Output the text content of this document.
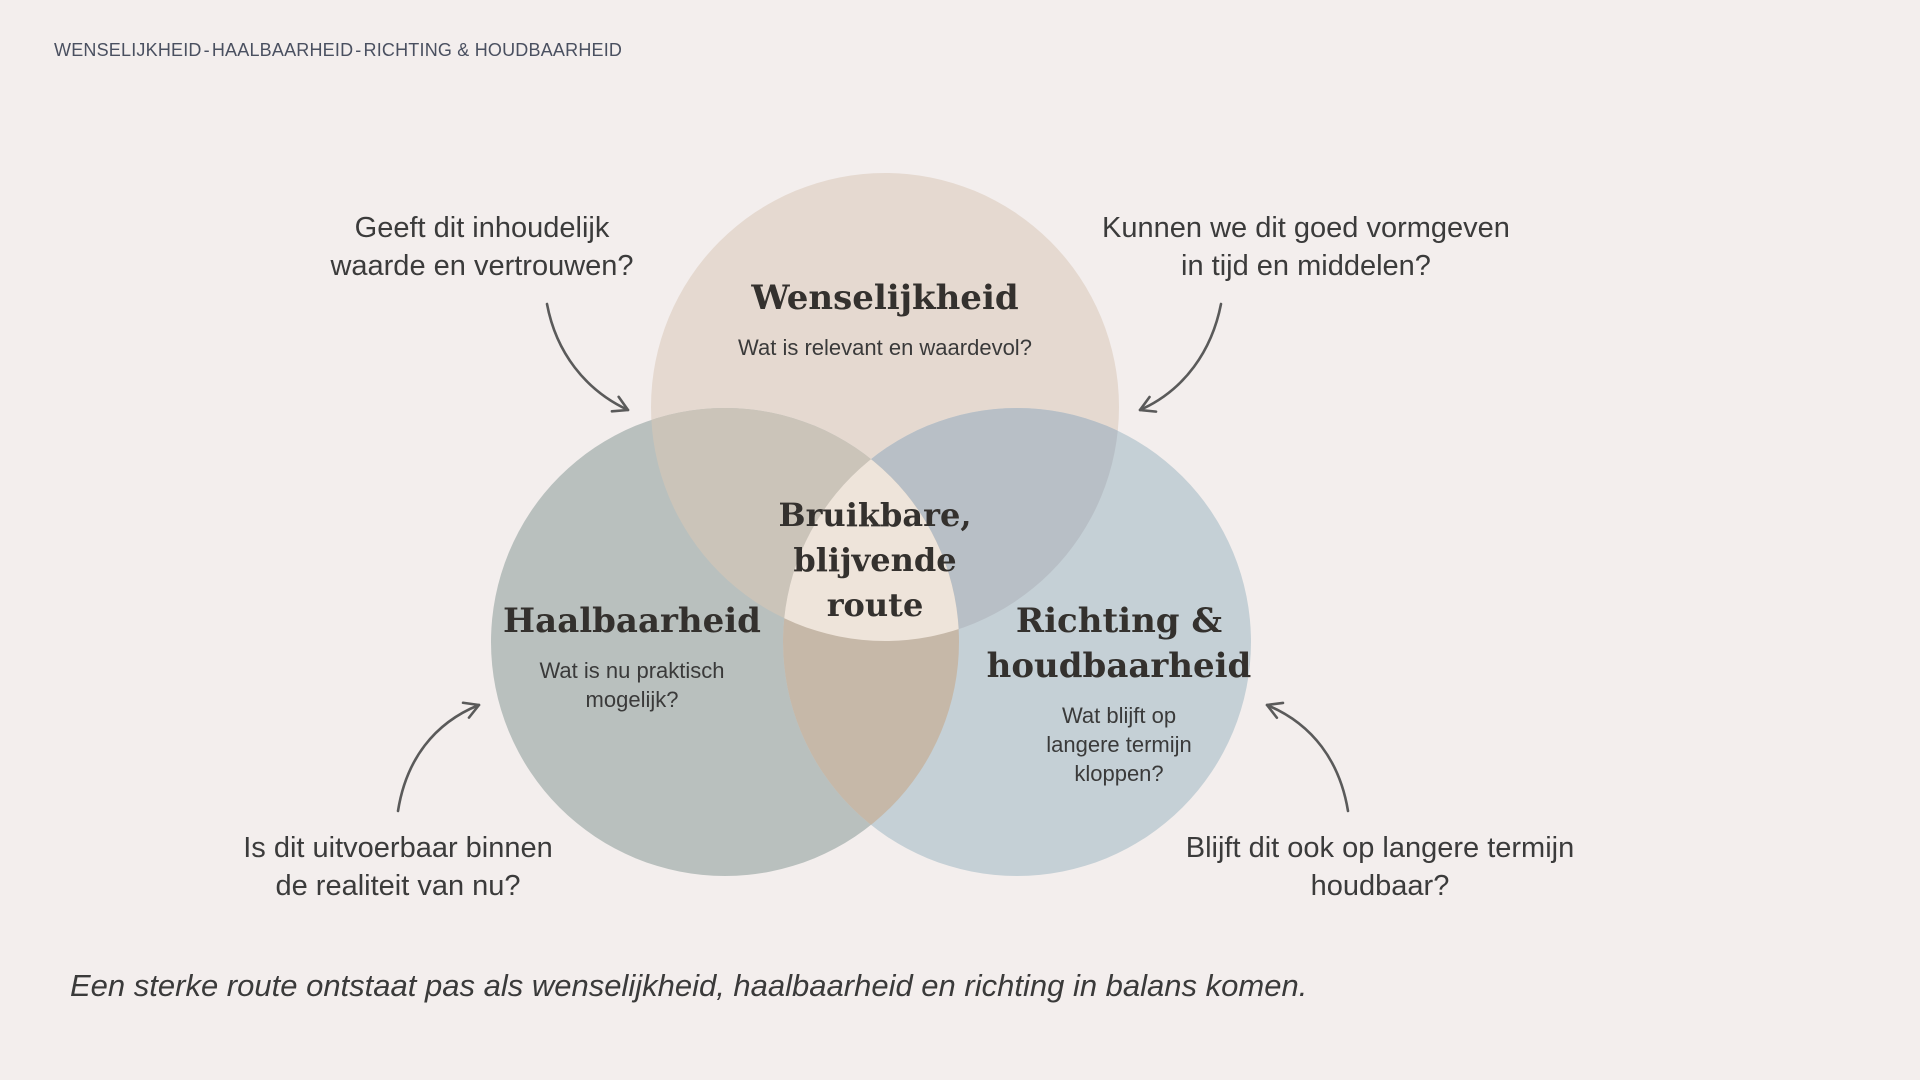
WENSELIJKHEID - HAALBAARHEID - RICHTING & HOUDBAARHEID
Wenselijkheid
Wat is relevant en waardevol?
Haalbaarheid
Wat is nu praktisch
mogelijk?
Richting &
houdbaarheid
Wat blijft op
langere termijn
kloppen?
Bruikbare,
blijvende
route
Geeft dit inhoudelijk
waarde en vertrouwen?
Kunnen we dit goed vormgeven
in tijd en middelen?
Is dit uitvoerbaar binnen
de realiteit van nu?
Blijft dit ook op langere termijn
houdbaar?
Een sterke route ontstaat pas als wenselijkheid, haalbaarheid en richting in balans komen.
